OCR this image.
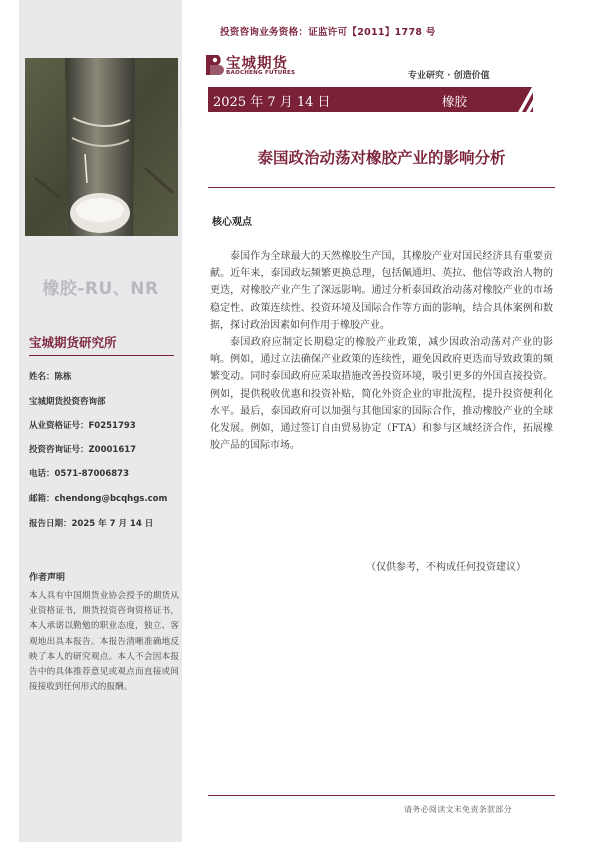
橡胶-RU、NR
宝城期货研究所
姓名：陈栋
宝城期货投资咨询部
从业资格证号：F0251793
投资咨询证号：Z0001617
电话：0571-87006873
邮箱：chendong@bcqhgs.com
报告日期：2025 年 7 月 14 日
作者声明
本人具有中国期货业协会授予的期货从业资格证书，期货投资咨询资格证书，本人承诺以勤勉的职业态度，独立、客观地出具本报告。本报告清晰准确地反映了本人的研究观点。本人不会因本报告中的具体推荐意见或观点而直接或间接接收到任何形式的报酬。
投资咨询业务资格：证监许可【2011】1778 号
宝城期货
BAOCHENG FUTURES	专业研究 · 创造价值
2025 年 7 月 14 日	橡胶
泰国政治动荡对橡胶产业的影响分析
核心观点

泰国作为全球最大的天然橡胶生产国，其橡胶产业对国民经济具有重要贡献。近年来，泰国政坛频繁更换总理，包括佩通坦、英拉、他信等政治人物的更迭，对橡胶产业产生了深远影响。通过分析泰国政治动荡对橡胶产业的市场稳定性、政策连续性、投资环境及国际合作等方面的影响，结合具体案例和数据，探讨政治因素如何作用于橡胶产业。

泰国政府应制定长期稳定的橡胶产业政策，减少因政治动荡对产业的影响。例如，通过立法确保产业政策的连续性，避免因政府更迭而导致政策的频繁变动。同时泰国政府应采取措施改善投资环境，吸引更多的外国直接投资。例如，提供税收优惠和投资补贴，简化外资企业的审批流程，提升投资便利化水平。最后，泰国政府可以加强与其他国家的国际合作，推动橡胶产业的全球化发展。例如，通过签订自由贸易协定（FTA）和参与区域经济合作，拓展橡胶产品的国际市场。

（仅供参考，不构成任何投资建议）
请务必阅读文末免责条款部分
